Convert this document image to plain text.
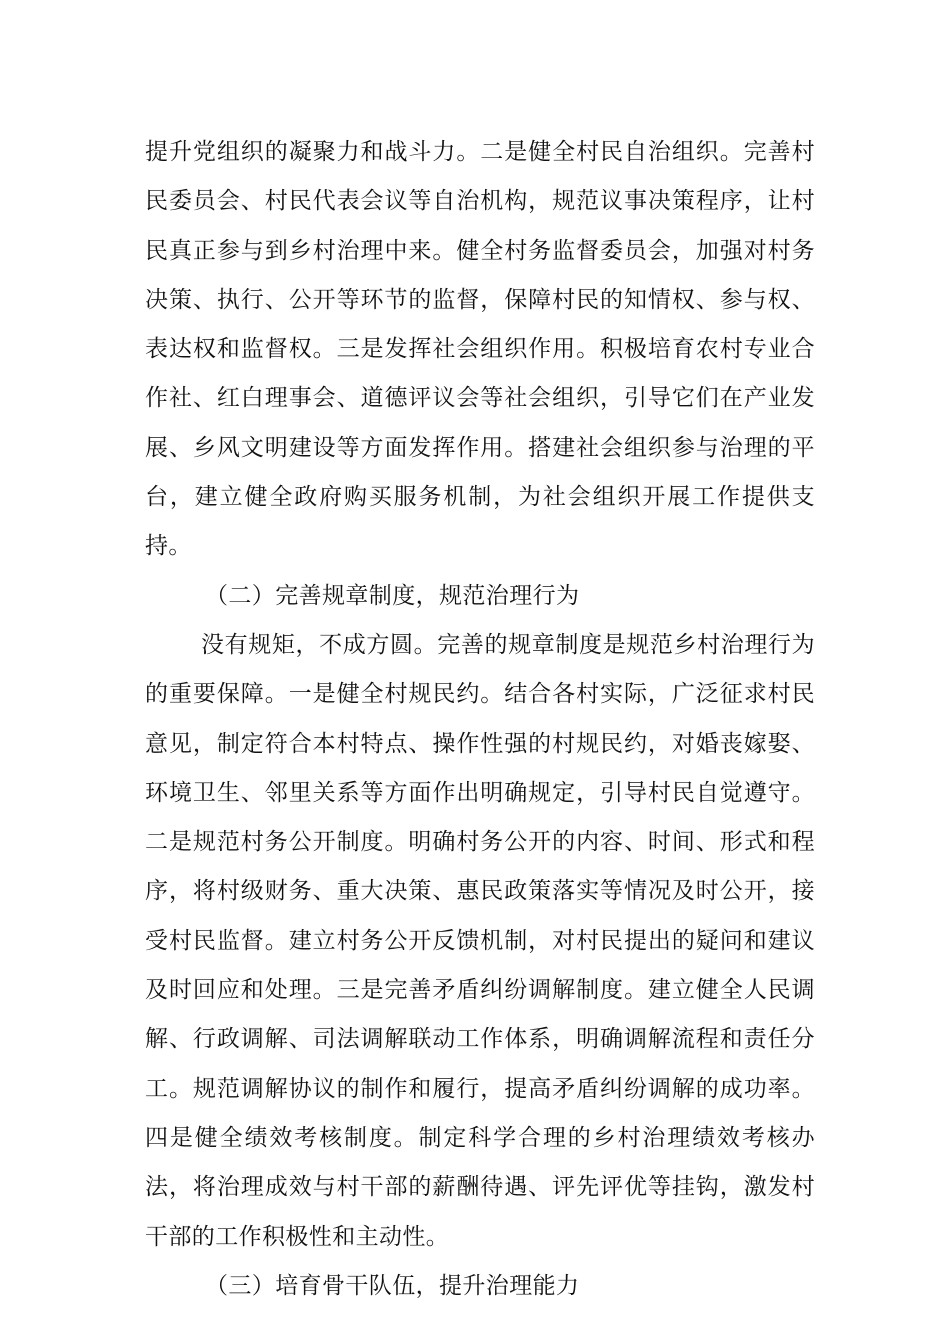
提升党组织的凝聚力和战斗力。二是健全村民自治组织。完善村民委员会、村民代表会议等自治机构，规范议事决策程序，让村民真正参与到乡村治理中来。健全村务监督委员会，加强对村务决策、执行、公开等环节的监督，保障村民的知情权、参与权、表达权和监督权。三是发挥社会组织作用。积极培育农村专业合作社、红白理事会、道德评议会等社会组织，引导它们在产业发展、乡风文明建设等方面发挥作用。搭建社会组织参与治理的平台，建立健全政府购买服务机制，为社会组织开展工作提供支持。

（二）完善规章制度，规范治理行为

没有规矩，不成方圆。完善的规章制度是规范乡村治理行为的重要保障。一是健全村规民约。结合各村实际，广泛征求村民意见，制定符合本村特点、操作性强的村规民约，对婚丧嫁娶、环境卫生、邻里关系等方面作出明确规定，引导村民自觉遵守。二是规范村务公开制度。明确村务公开的内容、时间、形式和程序，将村级财务、重大决策、惠民政策落实等情况及时公开，接受村民监督。建立村务公开反馈机制，对村民提出的疑问和建议及时回应和处理。三是完善矛盾纠纷调解制度。建立健全人民调解、行政调解、司法调解联动工作体系，明确调解流程和责任分工。规范调解协议的制作和履行，提高矛盾纠纷调解的成功率。四是健全绩效考核制度。制定科学合理的乡村治理绩效考核办法，将治理成效与村干部的薪酬待遇、评先评优等挂钩，激发村干部的工作积极性和主动性。

（三）培育骨干队伍，提升治理能力
